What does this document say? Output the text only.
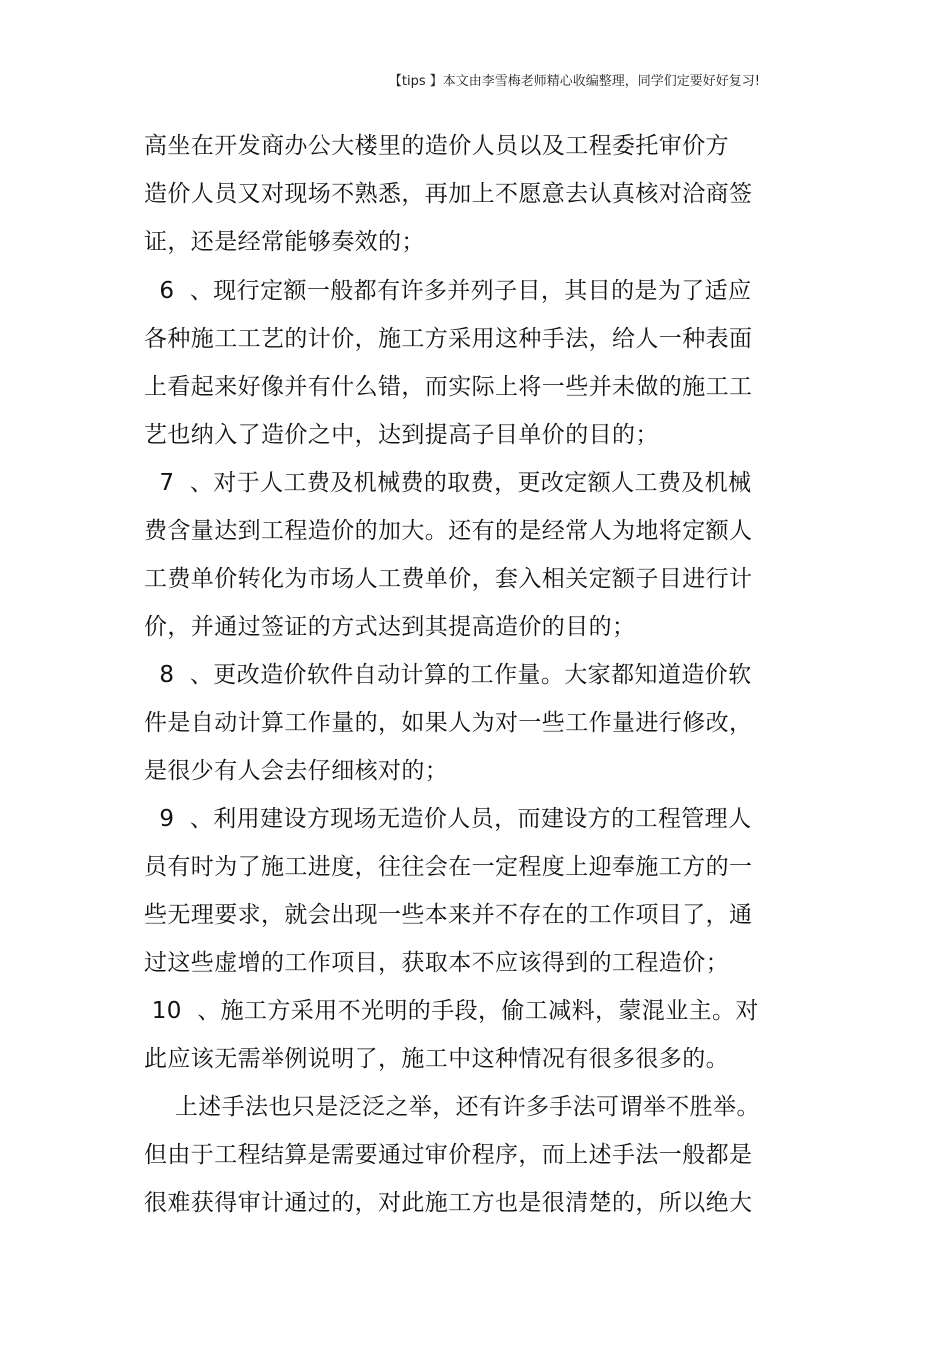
【tips 】本文由李雪梅老师精心收编整理，同学们定要好好复习!
高坐在开发商办公大楼里的造价人员以及工程委托审价方
造价人员又对现场不熟悉，再加上不愿意去认真核对洽商签
证，还是经常能够奏效的；
6  、现行定额一般都有许多并列子目，其目的是为了适应
各种施工工艺的计价，施工方采用这种手法，给人一种表面
上看起来好像并有什么错，而实际上将一些并未做的施工工
艺也纳入了造价之中，达到提高子目单价的目的；
7  、对于人工费及机械费的取费，更改定额人工费及机械
费含量达到工程造价的加大。还有的是经常人为地将定额人
工费单价转化为市场人工费单价，套入相关定额子目进行计
价，并通过签证的方式达到其提高造价的目的；
8  、更改造价软件自动计算的工作量。大家都知道造价软
件是自动计算工作量的，如果人为对一些工作量进行修改，
是很少有人会去仔细核对的；
9  、利用建设方现场无造价人员，而建设方的工程管理人
员有时为了施工进度，往往会在一定程度上迎奉施工方的一
些无理要求，就会出现一些本来并不存在的工作项目了，通
过这些虚增的工作项目，获取本不应该得到的工程造价；
10  、施工方采用不光明的手段，偷工减料，蒙混业主。对
此应该无需举例说明了，施工中这种情况有很多很多的。
上述手法也只是泛泛之举，还有许多手法可谓举不胜举。
但由于工程结算是需要通过审价程序，而上述手法一般都是
很难获得审计通过的，对此施工方也是很清楚的，所以绝大
